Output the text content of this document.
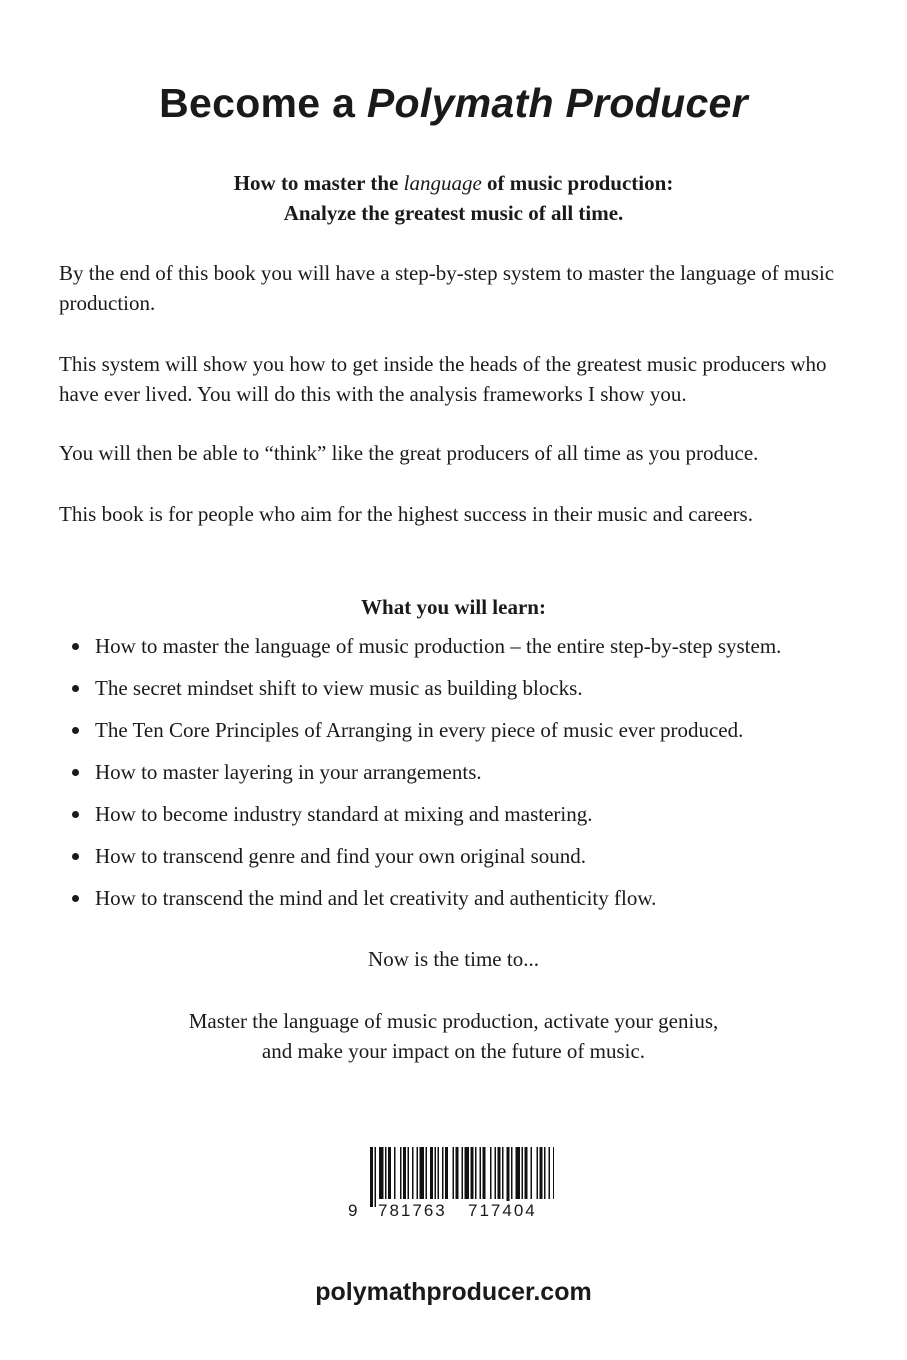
Become a Polymath Producer
How to master the language of music production:
Analyze the greatest music of all time.

By the end of this book you will have a step-by-step system to master the language of music production.

This system will show you how to get inside the heads of the greatest music producers who have ever lived. You will do this with the analysis frameworks I show you.

You will then be able to “think” like the great producers of all time as you produce.

This book is for people who aim for the highest success in their music and careers.

What you will learn:
How to master the language of music production – the entire step-by-step system.
The secret mindset shift to view music as building blocks.
The Ten Core Principles of Arranging in every piece of music ever produced.
How to master layering in your arrangements.
How to become industry standard at mixing and mastering.
How to transcend genre and find your own original sound.
How to transcend the mind and let creativity and authenticity flow.
Now is the time to...
Master the language of music production, activate your genius,
and make your impact on the future of music.
9 781763 717404
polymathproducer.com
